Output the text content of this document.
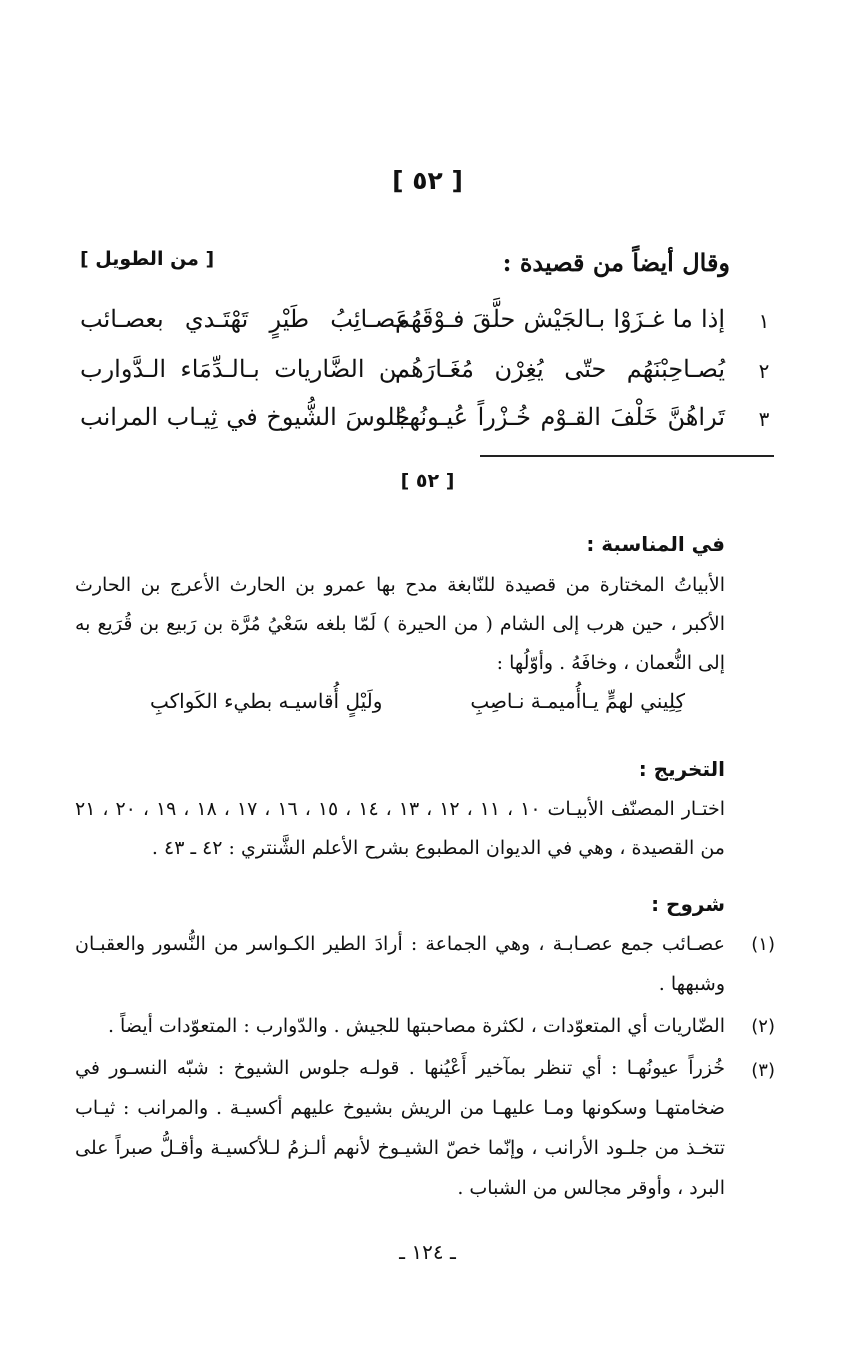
[ ٥٢ ]
وقال أيضاً من قصيدة :
[ من الطويل ]
١
إذا ما غـزَوْا بـالجَيْش حلَّقَ فـوْقَهُم
عَصـائِبُ طَيْرٍ تَهْتَـدي بعصـائب
٢
يُصـاحِبْنَهُم حتّى يُغِرْن مُغَـارَهُم
من الضَّاريات بـالـدِّمَاء الـدَّوارب
٣
تَراهُنَّ خَلْفَ القـوْم خُـزْراً عُيـونُهـا
جُلوسَ الشُّيوخ في ثِيـاب المرانب
[ ٥٢ ]
في المناسبة :
الأبياتُ المختارة من قصيدة للنّابغة مدح بها عمرو بن الحارث الأعرج بن الحارث الأكبر ، حين هرب إلى الشام ( من الحيرة ) لَمّا بلغه سَعْيُ مُرَّة بن رَبيع بن قُرَيع به إلى النُّعمان ، وخافَهُ . وأوّلُها :
كِلِيني لهمٍّ يـاأُميمـة نـاصِبِ
ولَيْلٍ أُقاسيـه بطيء الكَواكبِ
التخريج :
اختـار المصنّف الأبيـات ١٠ ، ١١ ، ١٢ ، ١٣ ، ١٤ ، ١٥ ، ١٦ ، ١٧ ، ١٨ ، ١٩ ، ٢٠ ، ٢١ من القصيدة ، وهي في الديوان المطبوع بشرح الأعلم الشَّنتري : ٤٢ ـ ٤٣ .
شروح :
(١)
عصـائب جمع عصـابـة ، وهي الجماعة : أرادَ الطير الكـواسر من النُّسور والعقبـان وشبهها .
(٢)
الضّاريات أي المتعوّدات ، لكثرة مصاحبتها للجيش . والدّوارب : المتعوّدات أيضاً .
(٣)
خُزراً عيونُهـا : أي تنظر بمآخير أَعْيُنها . قولـه جلوس الشيوخ : شبّه النسـور في ضخامتهـا وسكونها ومـا عليهـا من الريش بشيوخ عليهم أكسيـة . والمرانب : ثيـاب تتخـذ من جلـود الأرانب ، وإنّما خصّ الشيـوخ لأنهم ألـزمُ لـلأكسيـة وأقـلُّ صبراً على البرد ، وأوقر مجالس من الشباب .
ـ ١٢٤ ـ
